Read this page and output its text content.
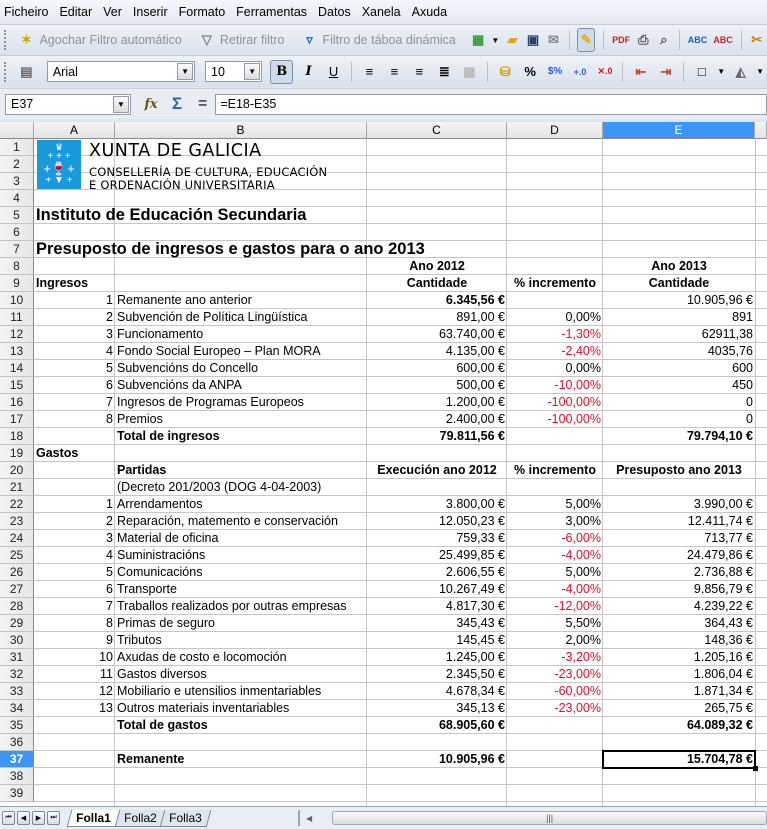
Ficheiro Editar Ver Inserir Formato Ferramentas Datos Xanela Axuda
✶ Agochar Filtro automático	▽ Retirar filtro	▿ Filtro de táboa dinámica ▦ ▼ ▰ ▣ ✉ ✎	PDF ⎙ ⌕	ABC ABC ✂
▤ Arial	▼	10	▼	B	I	U	≡	≡	≡	≣	▦	⛁	%	$%	+.0	✕.0	⇤	⇥	□	▼ ◭	▼
E37	▼	fx Σ = =E18-E35
A	B	C	D	E
1
2
3
4
5
6
7
8
9
10
11
12
13
14
15
16
17
18
19
20
21
22
23
24
25
26
27
28
29
30
31
32
33
34
35
36
37
38
39
♛
+ + +
+🍷+
+ ▼ +
XUNTA DE GALICIA
CONSELLERÍA DE CULTURA, EDUCACIÓN
E ORDENACIÓN UNIVERSITARIA
Instituto de Educación Secundaria
Presuposto de ingresos e gastos para o ano 2013
Ano 2012	Ano 2013
Ingresos	Cantidade	% incremento	Cantidade
1 Remanente ano anterior	6.345,56 €	10.905,96 €
2 Subvención de Política Lingüística	891,00 €	0,00%	891
3 Funcionamento	63.740,00 €	-1,30%	62911,38
4 Fondo Social Europeo – Plan MORA	4.135,00 €	-2,40%	4035,76
5 Subvencións do Concello	600,00 €	0,00%	600
6 Subvencións da ANPA	500,00 €	-10,00%	450
7 Ingresos de Programas Europeos	1.200,00 €	-100,00%	0
8 Premios	2.400,00 €	-100,00%	0
Total de ingresos	79.811,56 €	79.794,10 €
Gastos
Partidas	Execución ano 2012	% incremento	Presuposto ano 2013
(Decreto 201/2003 (DOG 4-04-2003)
1 Arrendamentos	3.800,00 €	5,00%	3.990,00 €
2 Reparación, matemento e conservación	12.050,23 €	3,00%	12.411,74 €
3 Material de oficina	759,33 €	-6,00%	713,77 €
4 Suministracións	25.499,85 €	-4,00%	24.479,86 €
5 Comunicacións	2.606,55 €	5,00%	2.736,88 €
6 Transporte	10.267,49 €	-4,00%	9.856,79 €
7 Traballos realizados por outras empresas	4.817,30 €	-12,00%	4.239,22 €
8 Primas de seguro	345,43 €	5,50%	364,43 €
9 Tributos	145,45 €	2,00%	148,36 €
10 Axudas de costo e locomoción	1.245,00 €	-3,20%	1.205,16 €
11 Gastos diversos	2.345,50 €	-23,00%	1.806,04 €
12 Mobiliario e utensilios inmentariables	4.678,34 €	-60,00%	1.871,34 €
13 Outros materiais inventariables	345,13 €	-23,00%	265,75 €
Total de gastos	68.905,60 €	64.089,32 €
Remanente	10.905,96 €	15.704,78 €
⏮	◀	▶	⏭	Folla1	Folla2	Folla3	◀	|||
